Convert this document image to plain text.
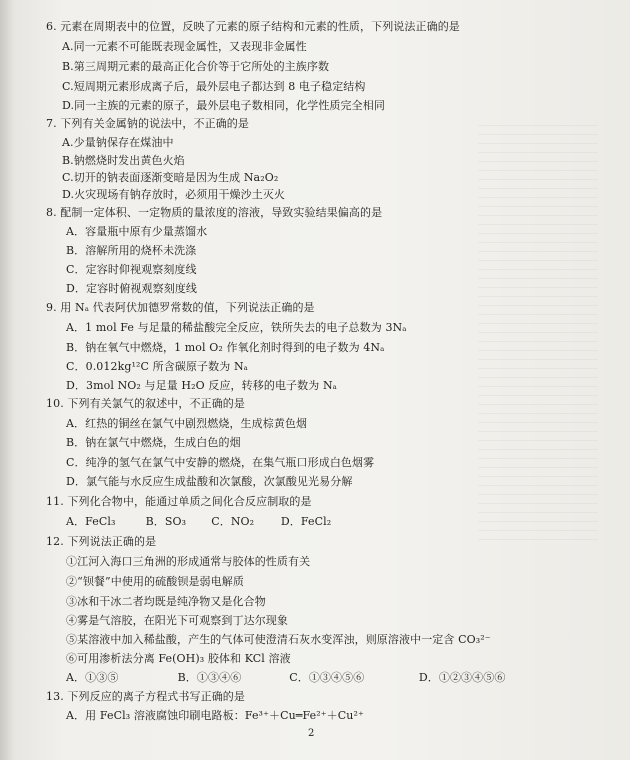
6. 元素在周期表中的位置，反映了元素的原子结构和元素的性质，下列说法正确的是
A.同一元素不可能既表现金属性，又表现非金属性
B.第三周期元素的最高正化合价等于它所处的主族序数
C.短周期元素形成离子后，最外层电子都达到 8 电子稳定结构
D.同一主族的元素的原子，最外层电子数相同，化学性质完全相同
7. 下列有关金属钠的说法中，不正确的是
A.少量钠保存在煤油中
B.钠燃烧时发出黄色火焰
C.切开的钠表面逐渐变暗是因为生成 Na₂O₂
D.火灾现场有钠存放时，必须用干燥沙土灭火
8. 配制一定体积、一定物质的量浓度的溶液，导致实验结果偏高的是
A．容量瓶中原有少量蒸馏水
B．溶解所用的烧杯未洗涤
C．定容时仰视观察刻度线
D．定容时俯视观察刻度线
9. 用 Nₐ 代表阿伏加德罗常数的值，下列说法正确的是
A．1 mol Fe 与足量的稀盐酸完全反应，铁所失去的电子总数为 3Nₐ
B．钠在氧气中燃烧，1 mol O₂ 作氧化剂时得到的电子数为 4Nₐ
C．0.012kg¹²C 所含碳原子数为 Nₐ
D．3mol NO₂ 与足量 H₂O 反应，转移的电子数为 Nₐ
10. 下列有关氯气的叙述中，不正确的是
A．红热的铜丝在氯气中剧烈燃烧，生成棕黄色烟
B．钠在氯气中燃烧，生成白色的烟
C．纯净的氢气在氯气中安静的燃烧，在集气瓶口形成白色烟雾
D．氯气能与水反应生成盐酸和次氯酸，次氯酸见光易分解
11. 下列化合物中，能通过单质之间化合反应制取的是
A．FeCl₃	B．SO₃ C．NO₂ D．FeCl₂
12. 下列说法正确的是
①江河入海口三角洲的形成通常与胶体的性质有关
②“钡餐”中使用的硫酸钡是弱电解质
③冰和干冰二者均既是纯净物又是化合物
④雾是气溶胶，在阳光下可观察到丁达尔现象
⑤某溶液中加入稀盐酸，产生的气体可使澄清石灰水变浑浊，则原溶液中一定含 CO₃²⁻
⑥可用渗析法分离 Fe(OH)₃ 胶体和 KCl 溶液
A．①③⑤	B．①③④⑥	C．①③④⑤⑥	D．①②③④⑤⑥
13. 下列反应的离子方程式书写正确的是
A．用 FeCl₃ 溶液腐蚀印刷电路板：Fe³⁺＋Cu═Fe²⁺＋Cu²⁺
2
